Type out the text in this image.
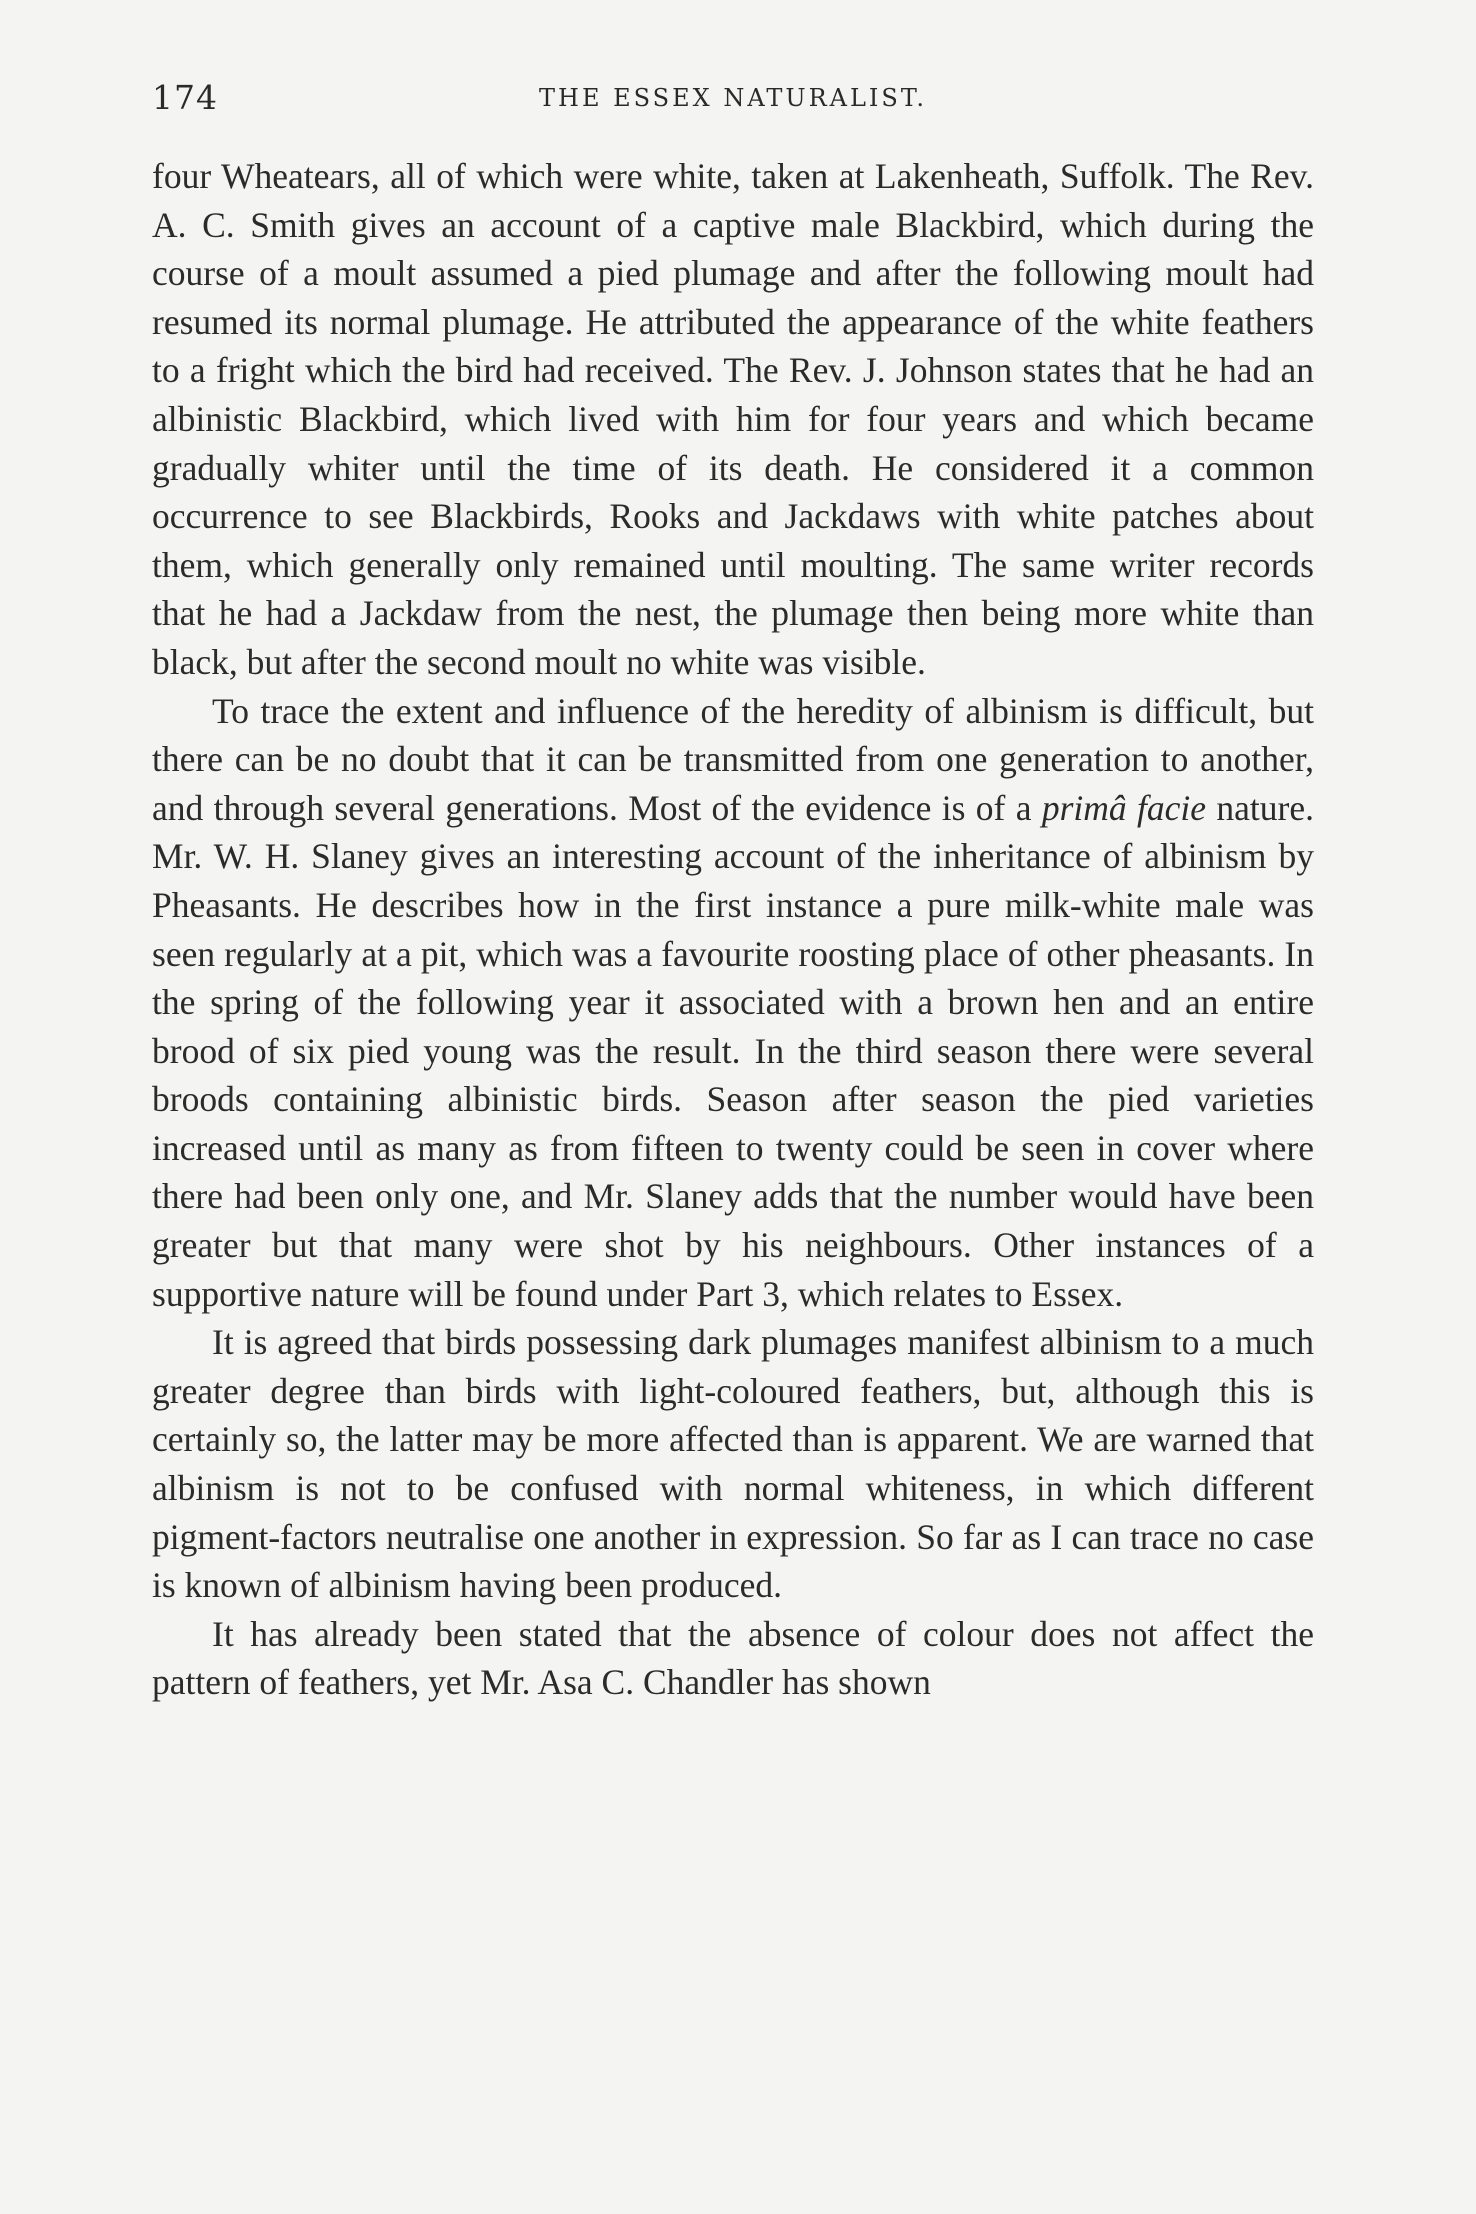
174	THE ESSEX NATURALIST.

four Wheatears, all of which were white, taken at Lakenheath, Suffolk. The Rev. A. C. Smith gives an account of a captive male Blackbird, which during the course of a moult assumed a pied plumage and after the following moult had resumed its normal plumage. He attributed the appearance of the white feathers to a fright which the bird had received. The Rev. J. Johnson states that he had an albinistic Blackbird, which lived with him for four years and which became gradually whiter until the time of its death. He considered it a common occurrence to see Blackbirds, Rooks and Jackdaws with white patches about them, which generally only remained until moulting. The same writer records that he had a Jackdaw from the nest, the plumage then being more white than black, but after the second moult no white was visible.

To trace the extent and influence of the heredity of albinism is difficult, but there can be no doubt that it can be transmitted from one generation to another, and through several generations. Most of the evidence is of a primâ facie nature. Mr. W. H. Slaney gives an interesting account of the inheritance of albinism by Pheasants. He describes how in the first instance a pure milk-white male was seen regularly at a pit, which was a favourite roosting place of other pheasants. In the spring of the following year it associated with a brown hen and an entire brood of six pied young was the result. In the third season there were several broods containing albinistic birds. Season after season the pied varieties increased until as many as from fifteen to twenty could be seen in cover where there had been only one, and Mr. Slaney adds that the number would have been greater but that many were shot by his neighbours. Other instances of a supportive nature will be found under Part 3, which relates to Essex.

It is agreed that birds possessing dark plumages manifest albinism to a much greater degree than birds with light-coloured feathers, but, although this is certainly so, the latter may be more affected than is apparent. We are warned that albinism is not to be confused with normal whiteness, in which different pigment-factors neutralise one another in expression. So far as I can trace no case is known of albinism having been produced.

It has already been stated that the absence of colour does not affect the pattern of feathers, yet Mr. Asa C. Chandler has shown
